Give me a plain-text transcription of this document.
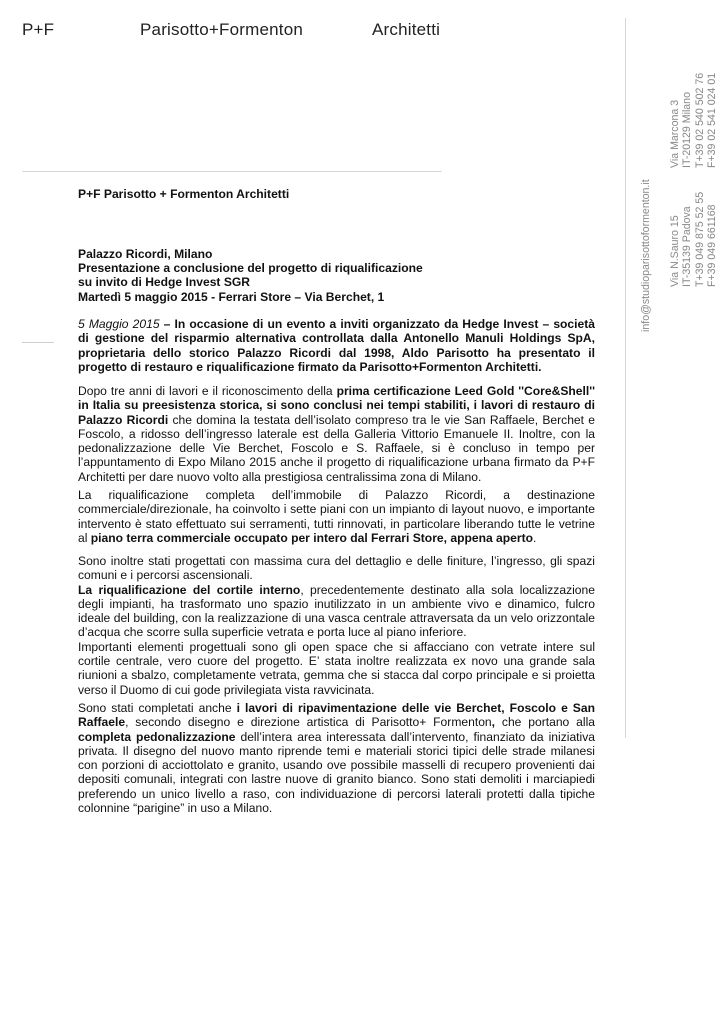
P+F	Parisotto+Formenton	Architetti
info@studioparisottoformenton.it Via N.Sauro 15
IT-35139 Padova
T+39 049 875 52 55
F+39 049 661168
Via Marcona 3
IT-20129 Milano
T+39 02 540 502 76
F+39 02 541 024 01
P+F Parisotto + Formenton Architetti
Palazzo Ricordi, Milano
Presentazione a conclusione del progetto di riqualificazione
su invito di Hedge Invest SGR
Martedì 5 maggio 2015 - Ferrari Store – Via Berchet, 1

5 Maggio 2015 – In occasione di un evento a inviti organizzato da Hedge Invest – società di gestione del risparmio alternativa controllata dalla Antonello Manuli Holdings SpA, proprietaria dello storico Palazzo Ricordi dal 1998, Aldo Parisotto ha presentato il progetto di restauro e riqualificazione firmato da Parisotto+Formenton Architetti.

Dopo tre anni di lavori e il riconoscimento della prima certificazione Leed Gold ''Core&Shell'' in Italia su preesistenza storica, si sono conclusi nei tempi stabiliti, i lavori di restauro di Palazzo Ricordi che domina la testata dell’isolato compreso tra le vie San Raffaele, Berchet e Foscolo, a ridosso dell’ingresso laterale est della Galleria Vittorio Emanuele II. Inoltre, con la pedonalizzazione delle Vie Berchet, Foscolo e S. Raffaele, si è concluso in tempo per l’appuntamento di Expo Milano 2015 anche il progetto di riqualificazione urbana firmato da P+F Architetti per dare nuovo volto alla prestigiosa centralissima zona di Milano.

La riqualificazione completa dell’immobile di Palazzo Ricordi, a destinazione commerciale/direzionale, ha coinvolto i sette piani con un impianto di layout nuovo, e importante intervento è stato effettuato sui serramenti, tutti rinnovati, in particolare liberando tutte le vetrine al piano terra commerciale occupato per intero dal Ferrari Store, appena aperto.

Sono inoltre stati progettati con massima cura del dettaglio e delle finiture, l’ingresso, gli spazi comuni e i percorsi ascensionali.
La riqualificazione del cortile interno, precedentemente destinato alla sola localizzazione degli impianti, ha trasformato uno spazio inutilizzato in un ambiente vivo e dinamico, fulcro ideale del building, con la realizzazione di una vasca centrale attraversata da un velo orizzontale d’acqua che scorre sulla superficie vetrata e porta luce al piano inferiore.
Importanti elementi progettuali sono gli open space che si affacciano con vetrate intere sul cortile centrale, vero cuore del progetto. E’ stata inoltre realizzata ex novo una grande sala riunioni a sbalzo, completamente vetrata, gemma che si stacca dal corpo principale e si proietta verso il Duomo di cui gode privilegiata vista ravvicinata.

Sono stati completati anche i lavori di ripavimentazione delle vie Berchet, Foscolo e San Raffaele, secondo disegno e direzione artistica di Parisotto+ Formenton, che portano alla completa pedonalizzazione dell’intera area interessata dall’intervento, finanziato da iniziativa privata. Il disegno del nuovo manto riprende temi e materiali storici tipici delle strade milanesi con porzioni di acciottolato e granito, usando ove possibile masselli di recupero provenienti dai depositi comunali, integrati con lastre nuove di granito bianco. Sono stati demoliti i marciapiedi preferendo un unico livello a raso, con individuazione di percorsi laterali protetti dalla tipiche colonnine “parigine” in uso a Milano.
